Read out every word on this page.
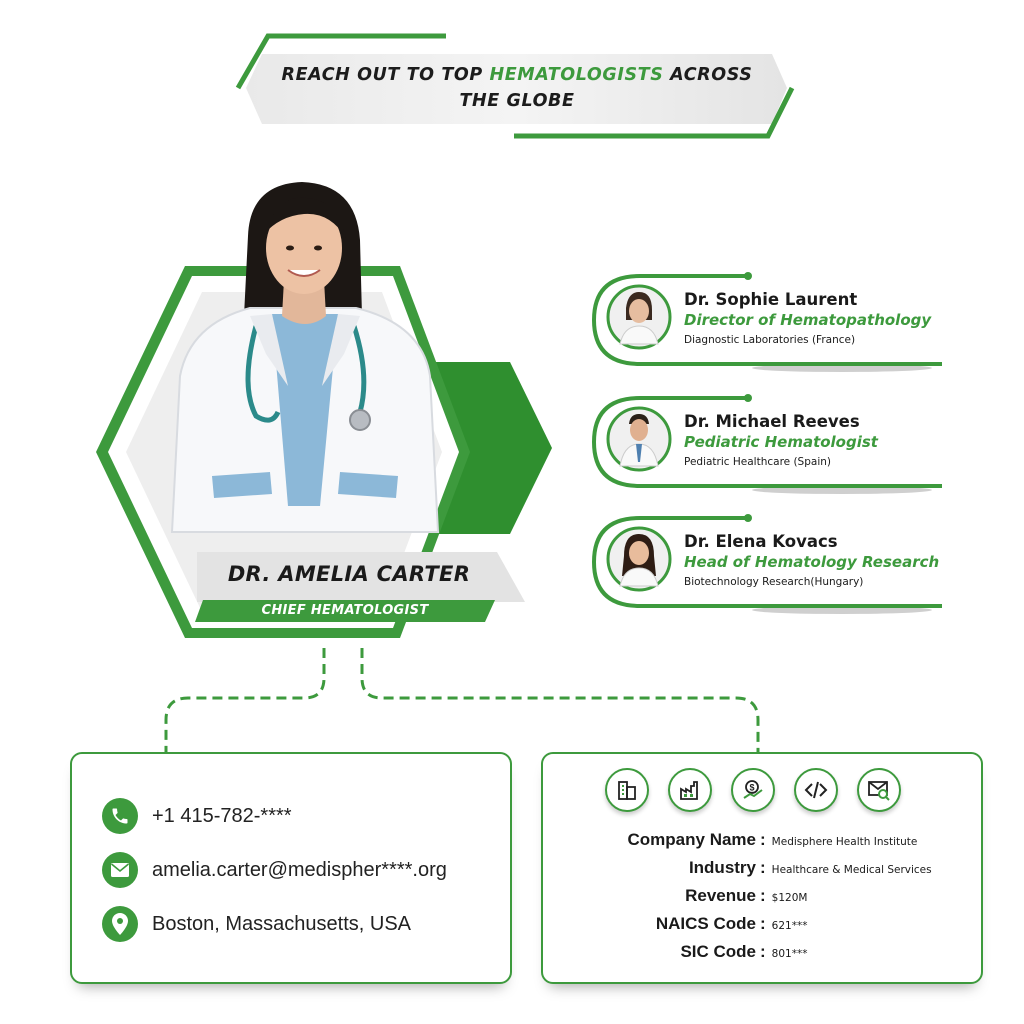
REACH OUT TO TOP HEMATOLOGISTS ACROSS
THE GLOBE
DR. AMELIA CARTER
CHIEF HEMATOLOGIST
Dr. Sophie Laurent
Director of Hematopathology
Diagnostic Laboratories (France)
Dr. Michael Reeves
Pediatric Hematologist
Pediatric Healthcare (Spain)
Dr. Elena Kovacs
Head of Hematology Research
Biotechnology Research(Hungary)
+1 415-782-****
amelia.carter@medispher****.org
Boston, Massachusetts, USA
$
Company Name : Medisphere Health Institute
Industry : Healthcare & Medical Services
Revenue : $120M
NAICS Code : 621***
SIC Code : 801***
